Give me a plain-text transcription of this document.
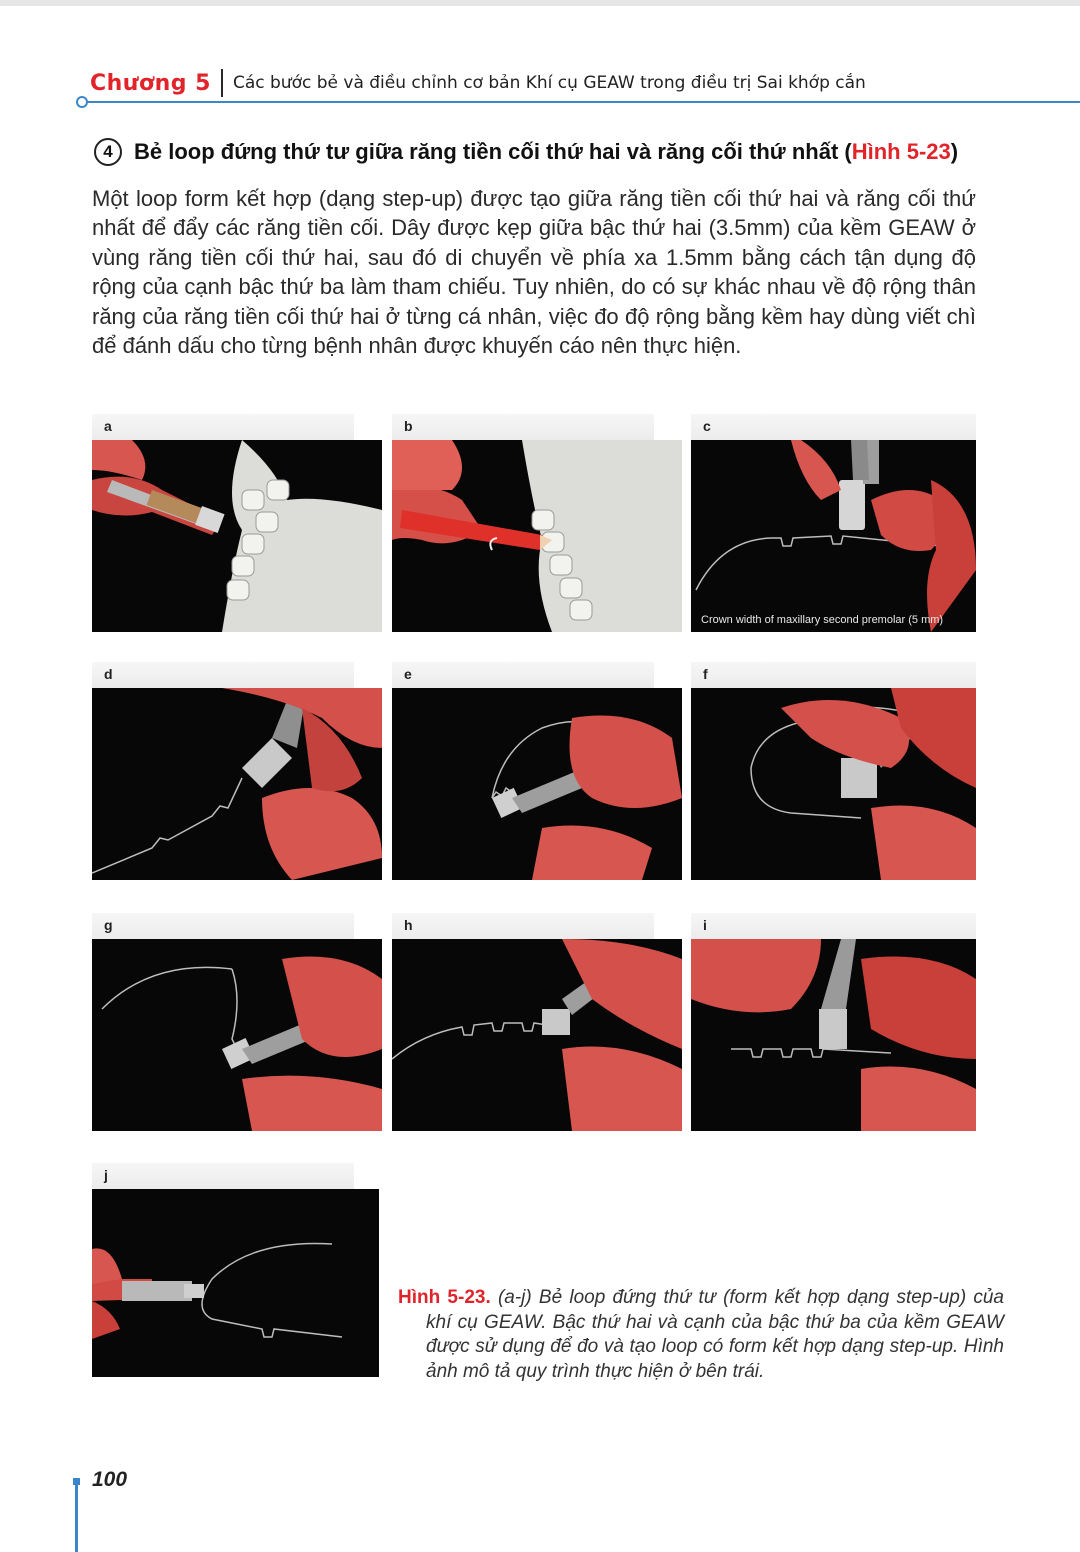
Chương 5 Các bước bẻ và điều chỉnh cơ bản Khí cụ GEAW trong điều trị Sai khớp cắn
4 Bẻ loop đứng thứ tư giữa răng tiền cối thứ hai và răng cối thứ nhất (Hình 5-23)

Một loop form kết hợp (dạng step-up) được tạo giữa răng tiền cối thứ hai và răng cối thứ nhất để đẩy các răng tiền cối. Dây được kẹp giữa bậc thứ hai (3.5mm) của kềm GEAW ở vùng răng tiền cối thứ hai, sau đó di chuyển về phía xa 1.5mm bằng cách tận dụng độ rộng của cạnh bậc thứ ba làm tham chiếu. Tuy nhiên, do có sự khác nhau về độ rộng thân răng của răng tiền cối thứ hai ở từng cá nhân, việc đo độ rộng bằng kềm hay dùng viết chì để đánh dấu cho từng bệnh nhân được khuyến cáo nên thực hiện.

a	b	c
Crown width of maxillary second premolar (5 mm)
d	e	f
g	h	i
j

Hình 5-23. (a-j) Bẻ loop đứng thứ tư (form kết hợp dạng step-up) của khí cụ GEAW. Bậc thứ hai và cạnh của bậc thứ ba của kềm GEAW được sử dụng để đo và tạo loop có form kết hợp dạng step-up. Hình ảnh mô tả quy trình thực hiện ở bên trái.

100
